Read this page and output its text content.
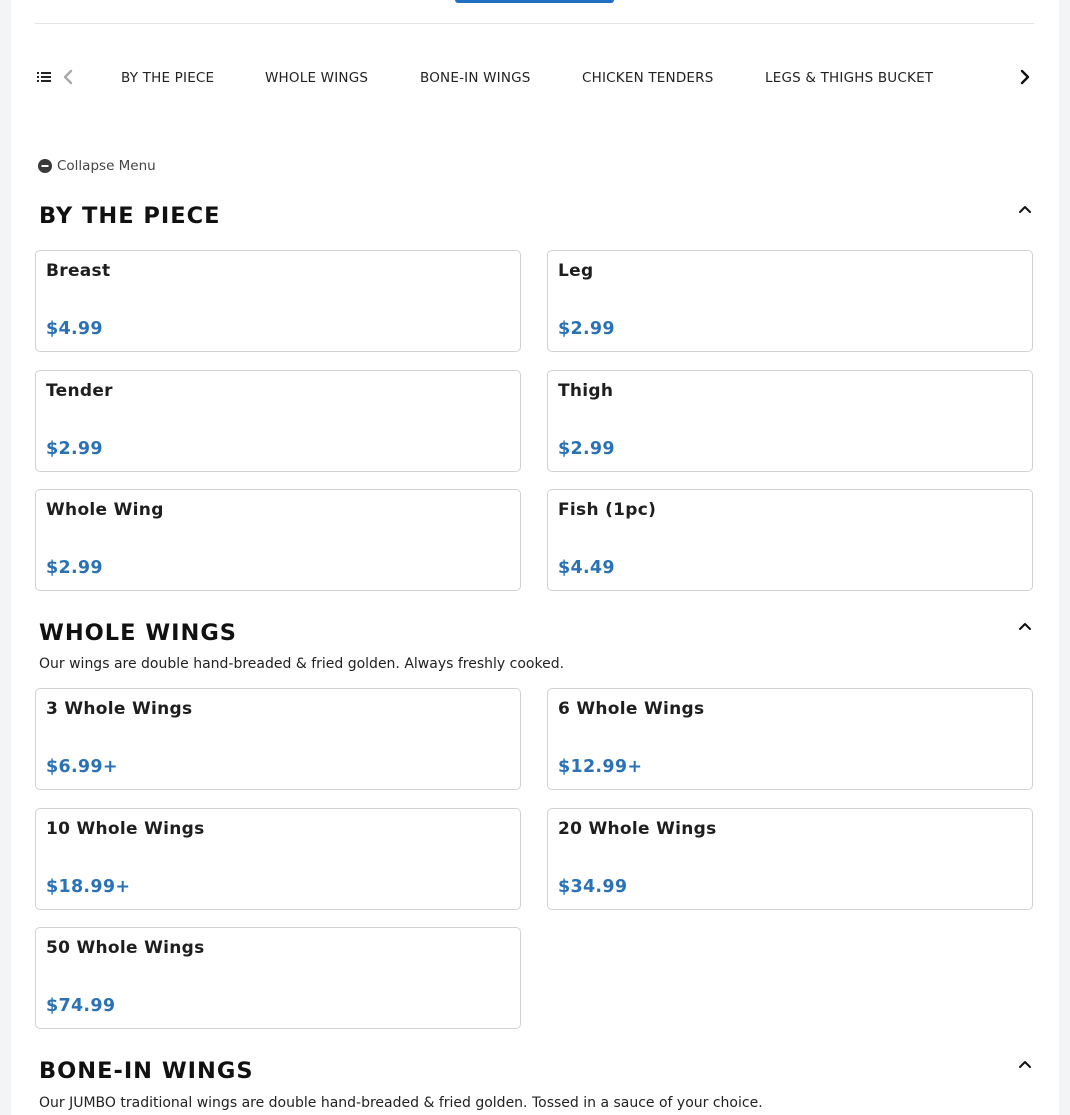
BY THE PIECE	WHOLE WINGS	BONE-IN WINGS	CHICKEN TENDERS	LEGS & THIGHS BUCKET
Collapse Menu
BY THE PIECE
Breast
$4.99
Leg
$2.99
Tender
$2.99
Thigh
$2.99
Whole Wing
$2.99
Fish (1pc)
$4.49
WHOLE WINGS
Our wings are double hand-breaded & fried golden. Always freshly cooked.
3 Whole Wings
$6.99+
6 Whole Wings
$12.99+
10 Whole Wings
$18.99+
20 Whole Wings
$34.99
50 Whole Wings
$74.99
BONE-IN WINGS
Our JUMBO traditional wings are double hand-breaded & fried golden. Tossed in a sauce of your choice.
